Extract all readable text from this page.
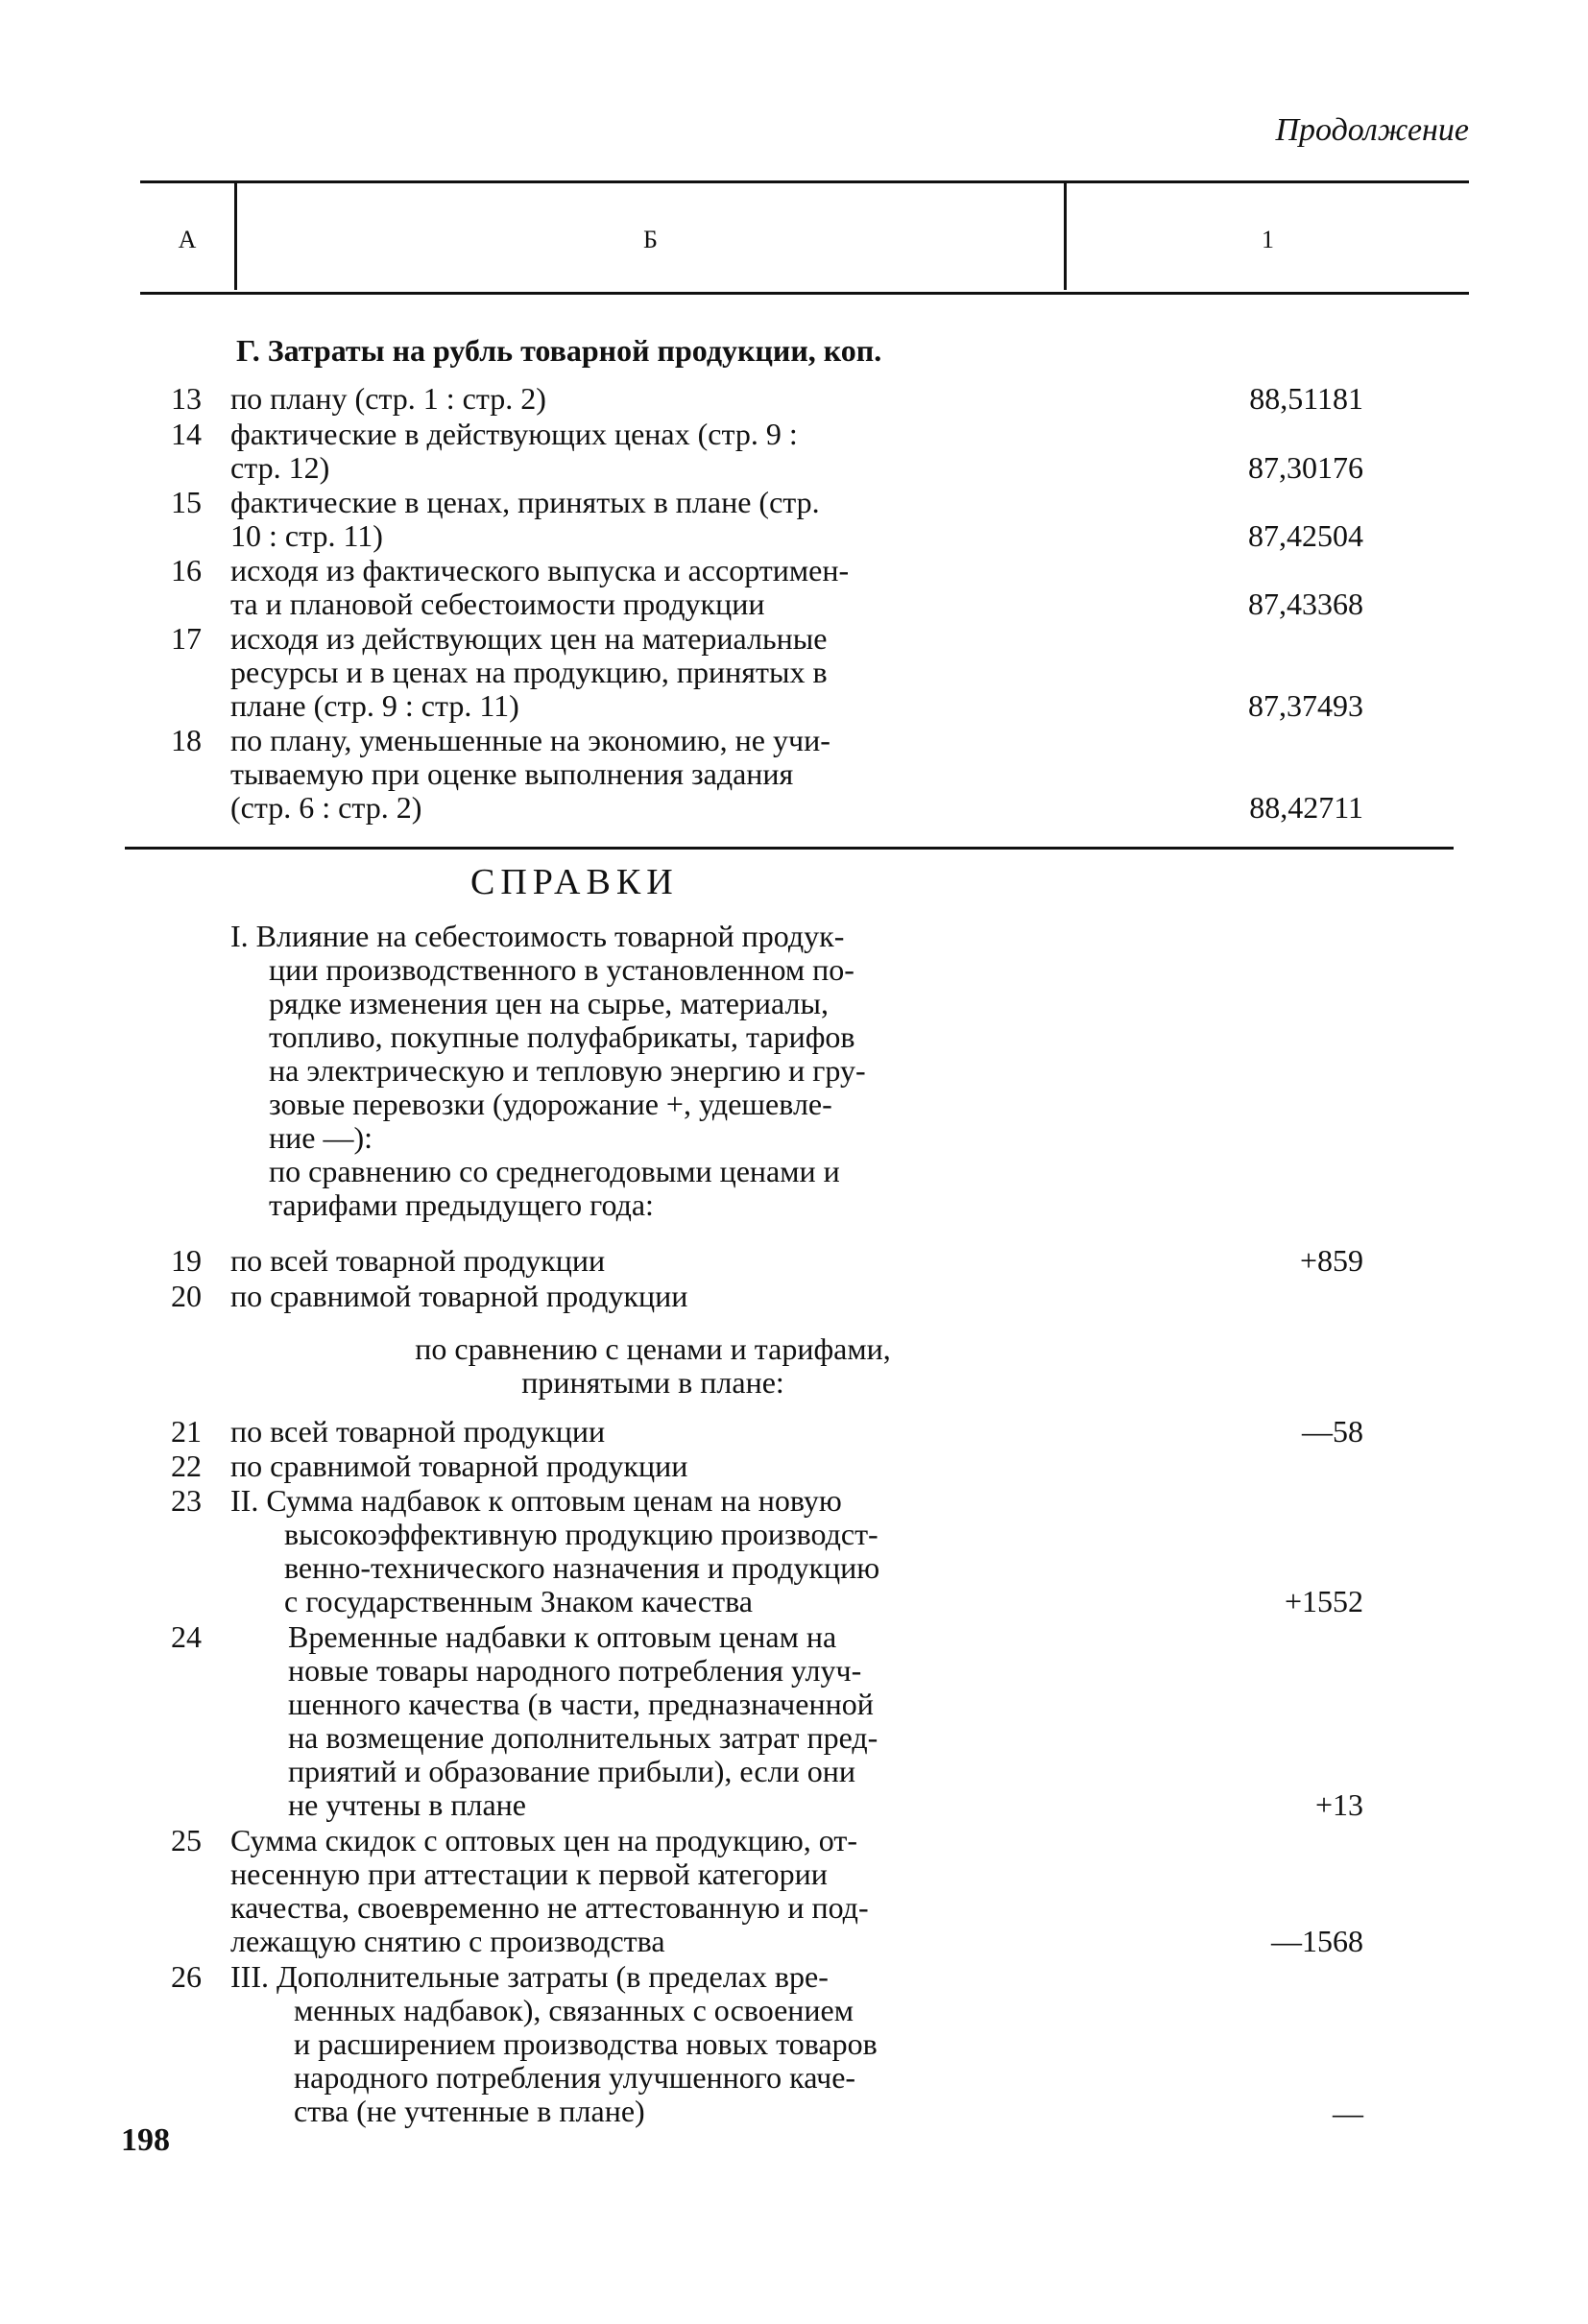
Продолжение
А	Б	1
Г. Затраты на рубль товарной продукции, коп.
13 по плану (стр. 1 : стр. 2)	88,51181
14 фактические в действующих ценах (стр. 9 :
стр. 12)	87,30176
15 фактические в ценах, принятых в плане (стр.
10 : стр. 11)	87,42504
16 исходя из фактического выпуска и ассортимен-
та и плановой себестоимости продукции	87,43368
17 исходя из действующих цен на материальные
ресурсы и в ценах на продукцию, принятых в
плане (стр. 9 : стр. 11)	87,37493
18 по плану, уменьшенные на экономию, не учи-
тываемую при оценке выполнения задания
(стр. 6 : стр. 2)	88,42711
СПРАВКИ
I. Влияние на себестоимость товарной продук-
ции производственного в установленном по-
рядке изменения цен на сырье, материалы,
топливо, покупные полуфабрикаты, тарифов
на электрическую и тепловую энергию и гру-
зовые перевозки (удорожание +, удешевле-
ние —):
по сравнению со среднегодовыми ценами и
тарифами предыдущего года:
19 по всей товарной продукции	+859
20 по сравнимой товарной продукции
по сравнению с ценами и тарифами,
принятыми в плане:
21 по всей товарной продукции	—58
22 по сравнимой товарной продукции
23 II. Сумма надбавок к оптовым ценам на новую
высокоэффективную продукцию производст-
венно-технического назначения и продукцию
с государственным Знаком качества	+1552
24	Временные надбавки к оптовым ценам на
новые товары народного потребления улуч-
шенного качества (в части, предназначенной
на возмещение дополнительных затрат пред-
приятий и образование прибыли), если они
не учтены в плане	+13
25 Сумма скидок с оптовых цен на продукцию, от-
несенную при аттестации к первой категории
качества, своевременно не аттестованную и под-
лежащую снятию с производства	—1568
26 III. Дополнительные затраты (в пределах вре-
менных надбавок), связанных с освоением
и расширением производства новых товаров
народного потребления улучшенного каче-
ства (не учтенные в плане)	—
198
